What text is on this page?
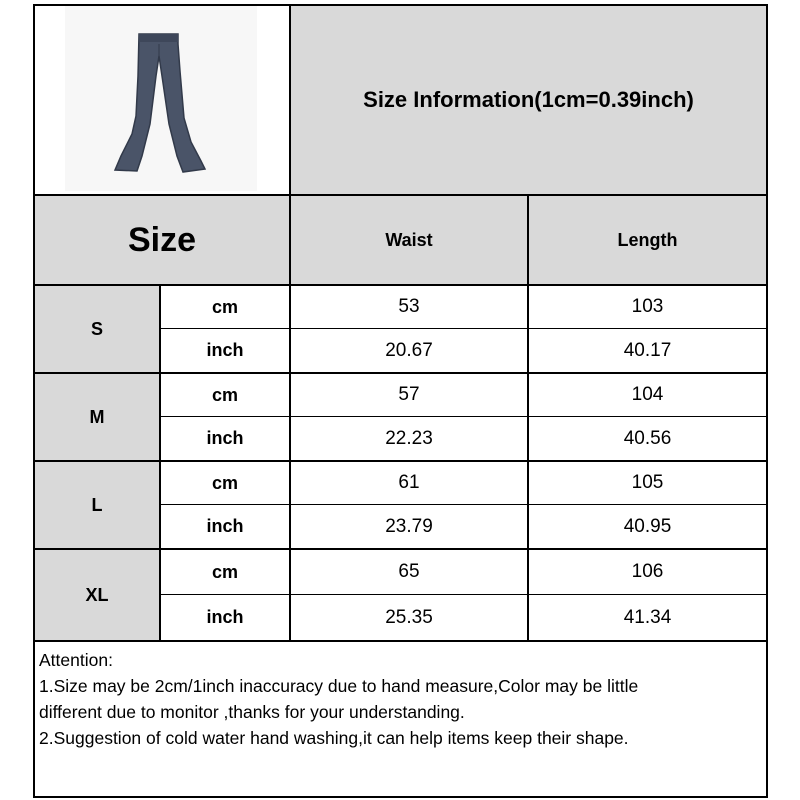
Size Information(1cm=0.39inch)
Size	Waist	Length
S
cm	53	103
inch	20.67	40.17
M
cm	57	104
inch	22.23	40.56
L
cm	61	105
inch	23.79	40.95
XL
cm	65	106
inch	25.35	41.34
Attention:
1.Size may be 2cm/1inch inaccuracy due to hand measure,Color may be little
different due to monitor ,thanks for your understanding.
2.Suggestion of cold water hand washing,it can help items keep their shape.
